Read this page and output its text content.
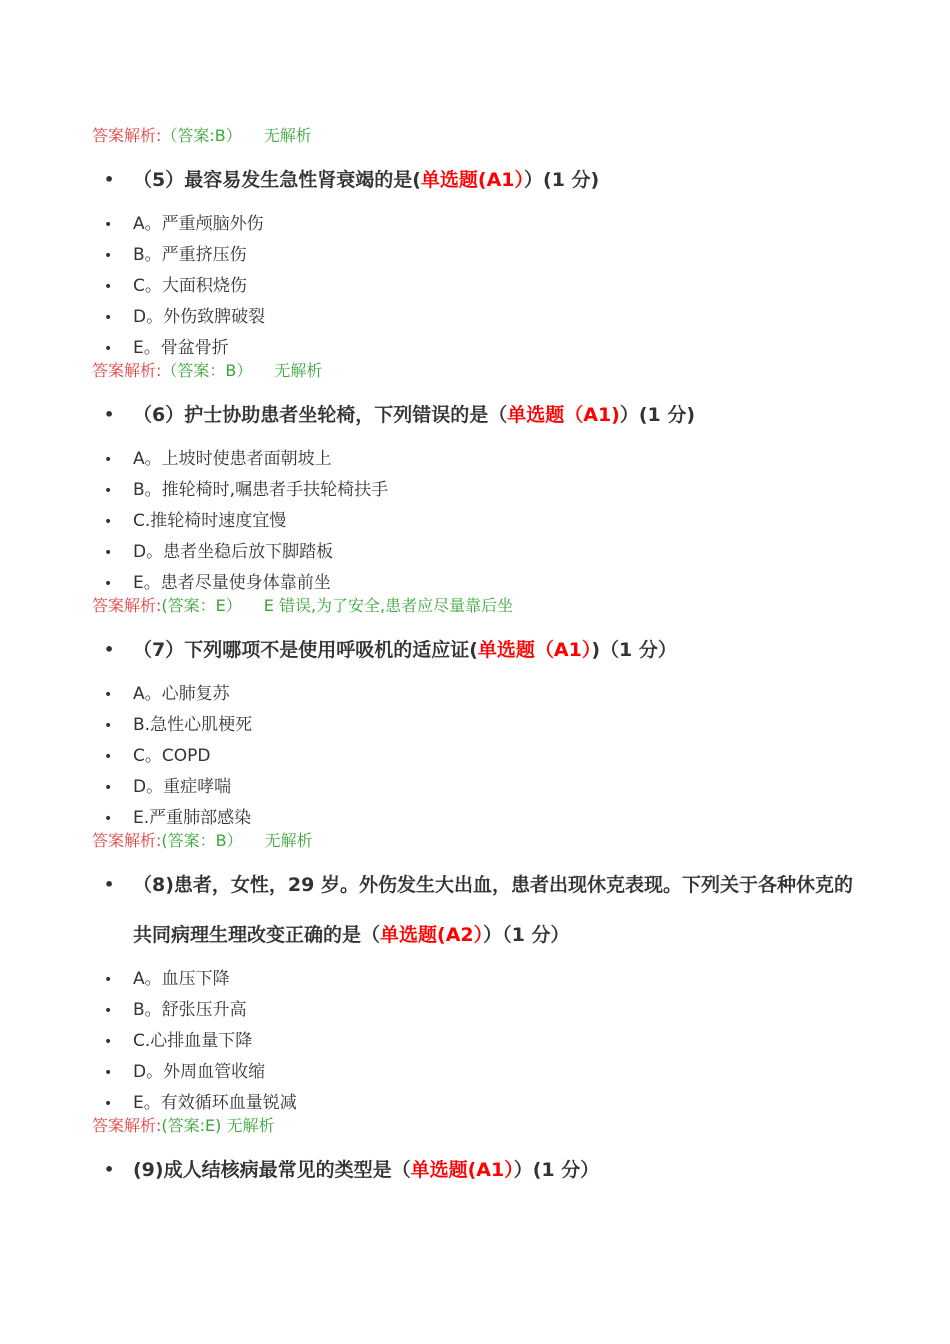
答案解析:（答案:B） 无解析
• （5）最容易发生急性肾衰竭的是(单选题(A1））(1 分)
• A。严重颅脑外伤
• B。严重挤压伤
• C。大面积烧伤
• D。外伤致脾破裂
• E。骨盆骨折
答案解析:（答案：B） 无解析
• （6）护士协助患者坐轮椅，下列错误的是（单选题（A1)）(1 分)
• A。上坡时使患者面朝坡上
• B。推轮椅时,嘱患者手扶轮椅扶手
• C.推轮椅时速度宜慢
• D。患者坐稳后放下脚踏板
• E。患者尽量使身体靠前坐
答案解析:(答案：E） E 错误,为了安全,患者应尽量靠后坐
• （7）下列哪项不是使用呼吸机的适应证(单选题（A1）)（1 分）
• A。心肺复苏
• B.急性心肌梗死
• C。COPD
• D。重症哮喘
• E.严重肺部感染
答案解析:(答案：B） 无解析
• （8)患者，女性，29 岁。外伤发生大出血，患者出现休克表现。下列关于各种休克的共同病理生理改变正确的是（单选题(A2））（1 分）
• A。血压下降
• B。舒张压升高
• C.心排血量下降
• D。外周血管收缩
• E。有效循环血量锐减
答案解析:(答案:E) 无解析
• (9)成人结核病最常见的类型是（单选题(A1））(1 分）
